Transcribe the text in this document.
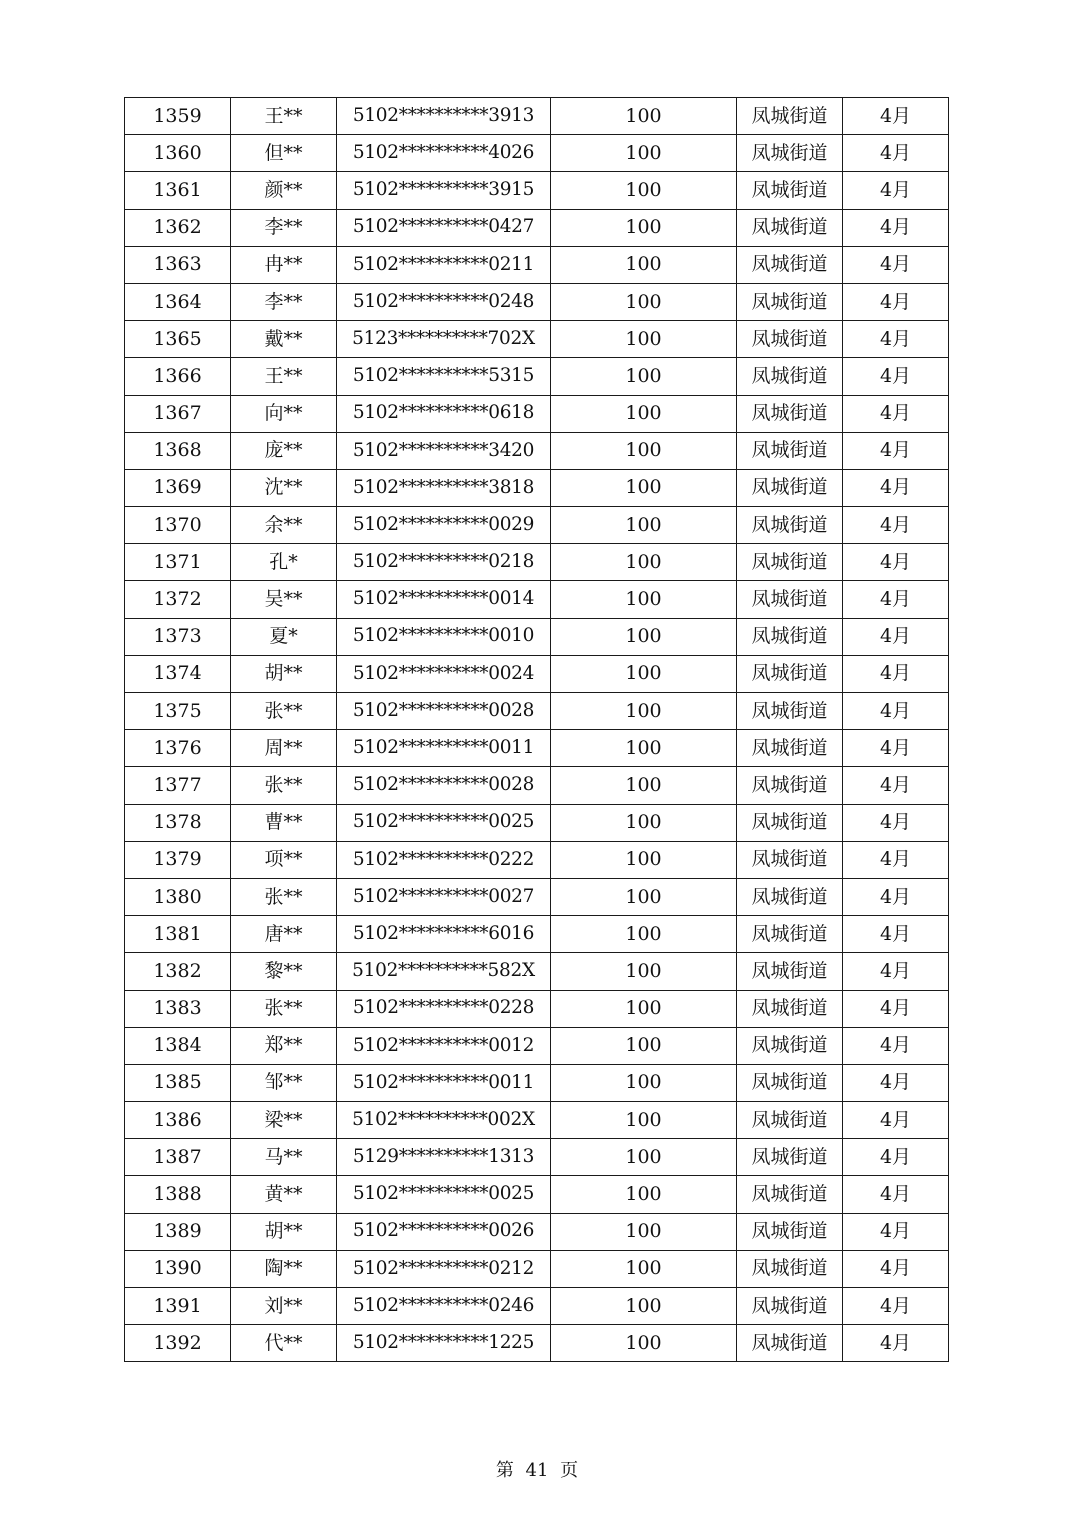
1359	王**	5102**********3913	100	凤城街道	4月
1360	但**	5102**********4026	100	凤城街道	4月
1361	颜**	5102**********3915	100	凤城街道	4月
1362	李**	5102**********0427	100	凤城街道	4月
1363	冉**	5102**********0211	100	凤城街道	4月
1364	李**	5102**********0248	100	凤城街道	4月
1365	戴**	5123**********702X	100	凤城街道	4月
1366	王**	5102**********5315	100	凤城街道	4月
1367	向**	5102**********0618	100	凤城街道	4月
1368	庞**	5102**********3420	100	凤城街道	4月
1369	沈**	5102**********3818	100	凤城街道	4月
1370	余**	5102**********0029	100	凤城街道	4月
1371	孔*	5102**********0218	100	凤城街道	4月
1372	吴**	5102**********0014	100	凤城街道	4月
1373	夏*	5102**********0010	100	凤城街道	4月
1374	胡**	5102**********0024	100	凤城街道	4月
1375	张**	5102**********0028	100	凤城街道	4月
1376	周**	5102**********0011	100	凤城街道	4月
1377	张**	5102**********0028	100	凤城街道	4月
1378	曹**	5102**********0025	100	凤城街道	4月
1379	项**	5102**********0222	100	凤城街道	4月
1380	张**	5102**********0027	100	凤城街道	4月
1381	唐**	5102**********6016	100	凤城街道	4月
1382	黎**	5102**********582X	100	凤城街道	4月
1383	张**	5102**********0228	100	凤城街道	4月
1384	郑**	5102**********0012	100	凤城街道	4月
1385	邹**	5102**********0011	100	凤城街道	4月
1386	梁**	5102**********002X	100	凤城街道	4月
1387	马**	5129**********1313	100	凤城街道	4月
1388	黄**	5102**********0025	100	凤城街道	4月
1389	胡**	5102**********0026	100	凤城街道	4月
1390	陶**	5102**********0212	100	凤城街道	4月
1391	刘**	5102**********0246	100	凤城街道	4月
1392	代**	5102**********1225	100	凤城街道	4月
第 41 页
